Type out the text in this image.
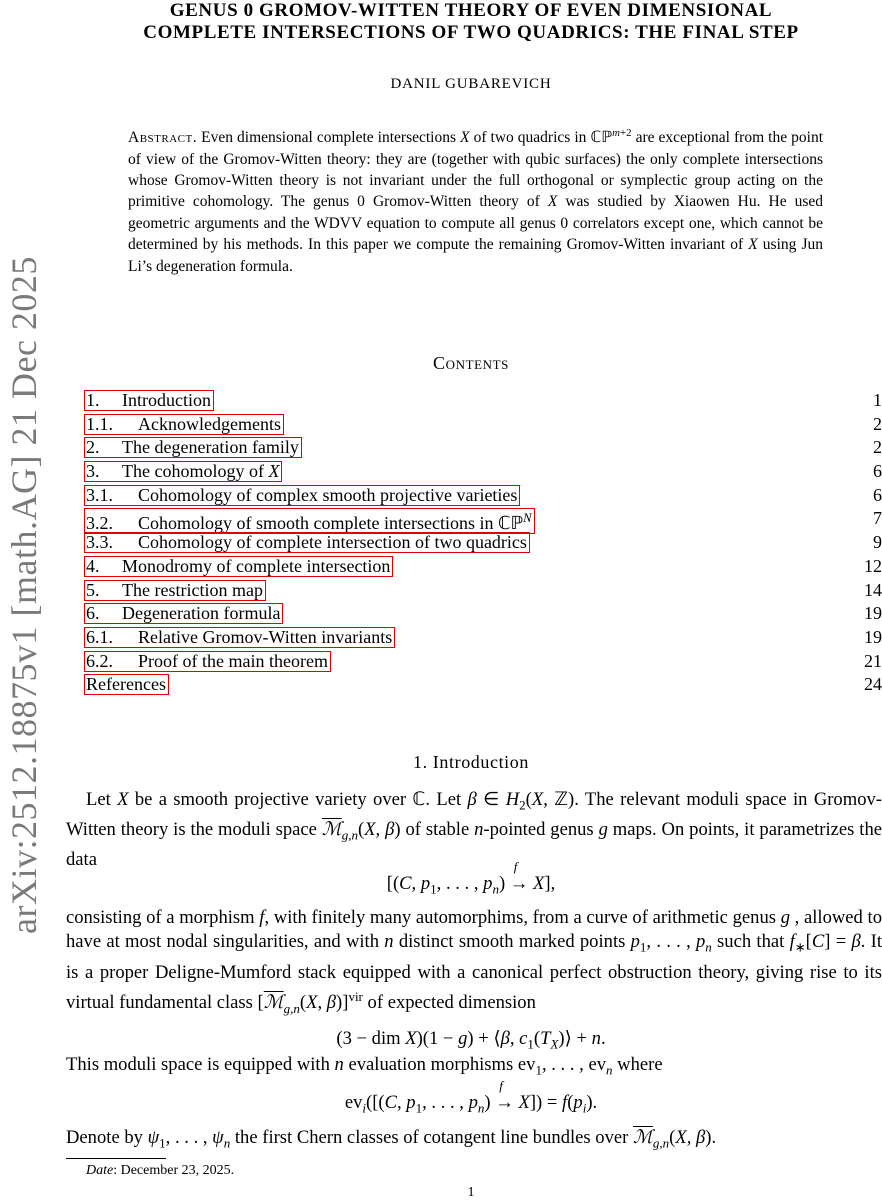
arXiv:2512.18875v1 [math.AG] 21 Dec 2025
GENUS 0 GROMOV-WITTEN THEORY OF EVEN DIMENSIONAL
COMPLETE INTERSECTIONS OF TWO QUADRICS: THE FINAL STEP
DANIL GUBAREVICH
Abstract. Even dimensional complete intersections X of two quadrics in ℂℙ$^{m+2}$ are exceptional from the point of view of the Gromov-Witten theory: they are (together with qubic surfaces) the only complete intersections whose Gromov-Witten theory is not invariant under the full orthogonal or symplectic group acting on the primitive cohomology. The genus 0 Gromov-Witten theory of X was studied by Xiaowen Hu. He used geometric arguments and the WDVV equation to compute all genus 0 correlators except one, which cannot be determined by his methods. In this paper we compute the remaining Gromov-Witten invariant of X using Jun Li’s degeneration formula.
Contents
1. Introduction	1
1.1. Acknowledgements	2
2. The degeneration family	2
3. The cohomology of X	6
3.1. Cohomology of complex smooth projective varieties	6
3.2. Cohomology of smooth complete intersections in ℂℙ$^N$	7
3.3. Cohomology of complete intersection of two quadrics	9
4. Monodromy of complete intersection	12
5. The restriction map	14
6. Degeneration formula	19
6.1. Relative Gromov-Witten invariants	19
6.2. Proof of the main theorem	21
References	24
1. Introduction
Let X be a smooth projective variety over ℂ. Let β ∈ $H_2(X$, ℤ). The relevant moduli space in Gromov-Witten theory is the moduli space ℳ$_{g,n}$(X, β) of stable n-pointed genus g maps. On points, it parametrizes the data
[(C, $p_1$, . . . , $p_n$)
f
→ X],
consisting of a morphism f, with finitely many automorphims, from a curve of arithmetic genus g , allowed to have at most nodal singularities, and with n distinct smooth marked points $p_1$, . . . , $p_n$ such that $f_∗[C] = \beta$. It is a proper Deligne-Mumford stack equipped with a canonical perfect obstruction theory, giving rise to its virtual fundamental class [ℳ$_{g,n}$(X, β)]$^{vir}$ of expected dimension
(3 − dim X)(1 − g) + ⟨β, $c_1(T_X)⟩ + n$.
This moduli space is equipped with n evaluation morphisms $ev_1$, . . . , $ev_n$ where
$ev_i([(C$, $p_1$, . . . , $p_n$)
f
→ $X]) = f(p_i)$.
Denote by $\psi_1$, . . . , $\psi_n$ the first Chern classes of cotangent line bundles over ℳ$_{g,n}$(X, β).
Date: December 23, 2025.
1
